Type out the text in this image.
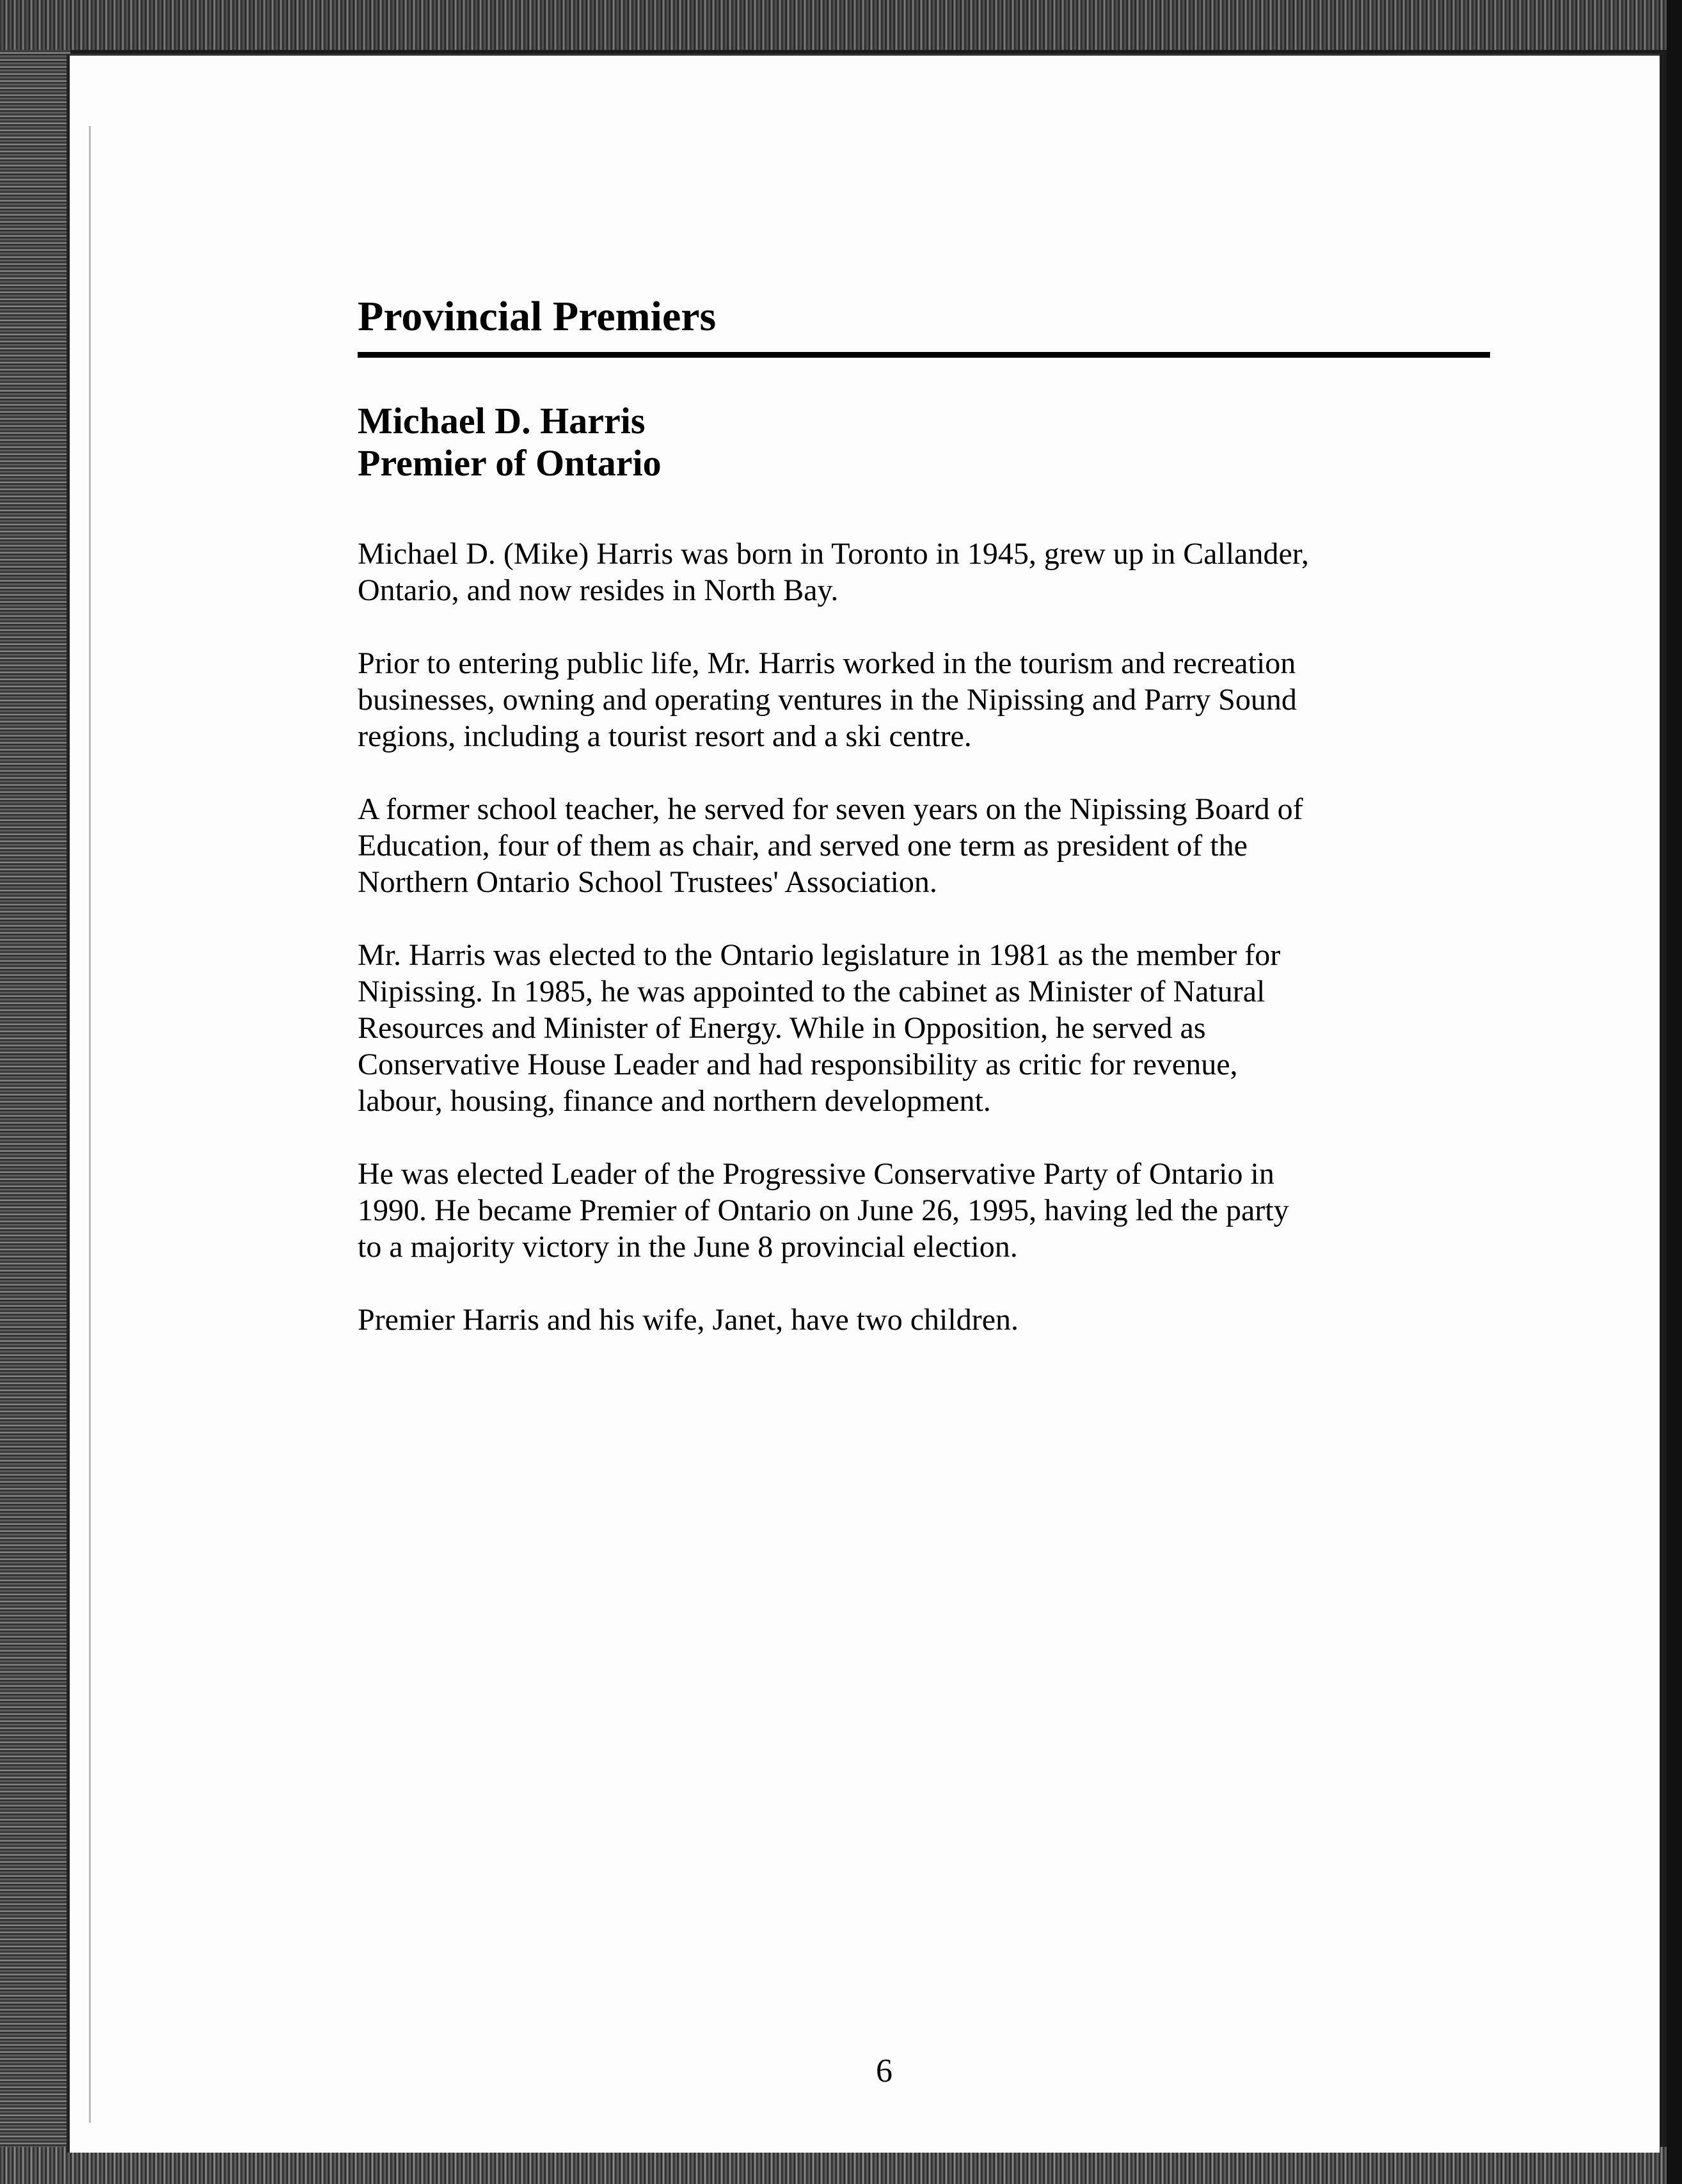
Provincial Premiers
Michael D. Harris
Premier of Ontario

Michael D. (Mike) Harris was born in Toronto in 1945, grew up in Callander,
Ontario, and now resides in North Bay.

Prior to entering public life, Mr. Harris worked in the tourism and recreation
businesses, owning and operating ventures in the Nipissing and Parry Sound
regions, including a tourist resort and a ski centre.

A former school teacher, he served for seven years on the Nipissing Board of
Education, four of them as chair, and served one term as president of the
Northern Ontario School Trustees' Association.

Mr. Harris was elected to the Ontario legislature in 1981 as the member for
Nipissing. In 1985, he was appointed to the cabinet as Minister of Natural
Resources and Minister of Energy. While in Opposition, he served as
Conservative House Leader and had responsibility as critic for revenue,
labour, housing, finance and northern development.

He was elected Leader of the Progressive Conservative Party of Ontario in
1990. He became Premier of Ontario on June 26, 1995, having led the party
to a majority victory in the June 8 provincial election.

Premier Harris and his wife, Janet, have two children.

6
